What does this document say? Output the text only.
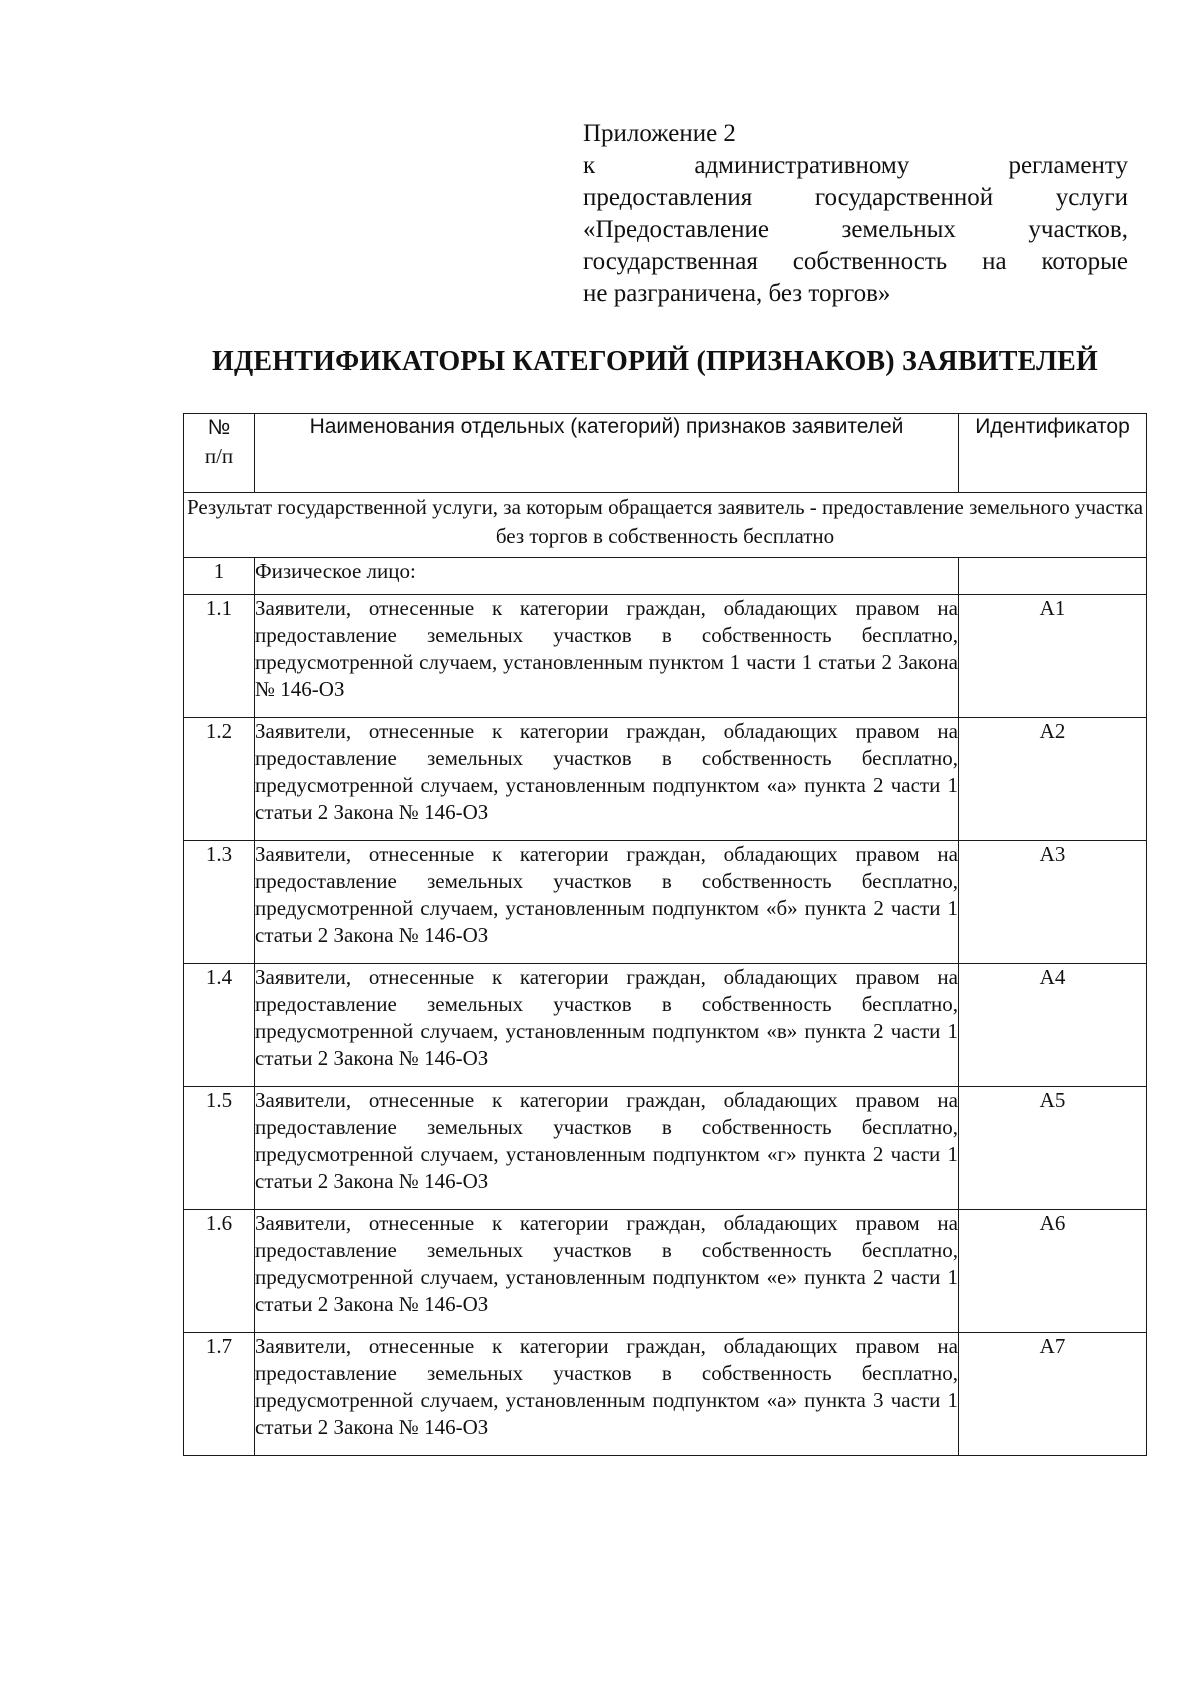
Приложение 2
к административному регламенту
предоставления государственной услуги
«Предоставление земельных участков,
государственная собственность на которые
не разграничена, без торгов»
ИДЕНТИФИКАТОРЫ КАТЕГОРИЙ (ПРИЗНАКОВ) ЗАЯВИТЕЛЕЙ
№
п/п	Наименования отдельных (категорий) признаков заявителей	Идентификатор
Результат государственной услуги, за которым обращается заявитель - предоставление земельного участка без торгов в собственность бесплатно		
1	Физическое лицо:	
1.1	Заявители, отнесенные к категории граждан, обладающих правом на предоставление земельных участков в собственность бесплатно, предусмотренной случаем, установленным пунктом 1 части 1 статьи 2 Закона № 146-ОЗ	А1
1.2	Заявители, отнесенные к категории граждан, обладающих правом на предоставление земельных участков в собственность бесплатно, предусмотренной случаем, установленным подпунктом «а» пункта 2 части 1 статьи 2 Закона № 146-ОЗ	А2
1.3	Заявители, отнесенные к категории граждан, обладающих правом на предоставление земельных участков в собственность бесплатно, предусмотренной случаем, установленным подпунктом «б» пункта 2 части 1 статьи 2 Закона № 146-ОЗ	А3
1.4	Заявители, отнесенные к категории граждан, обладающих правом на предоставление земельных участков в собственность бесплатно, предусмотренной случаем, установленным подпунктом «в» пункта 2 части 1 статьи 2 Закона № 146-ОЗ	А4
1.5	Заявители, отнесенные к категории граждан, обладающих правом на предоставление земельных участков в собственность бесплатно, предусмотренной случаем, установленным подпунктом «г» пункта 2 части 1 статьи 2 Закона № 146-ОЗ	А5
1.6	Заявители, отнесенные к категории граждан, обладающих правом на предоставление земельных участков в собственность бесплатно, предусмотренной случаем, установленным подпунктом «е» пункта 2 части 1 статьи 2 Закона № 146-ОЗ	А6
1.7	Заявители, отнесенные к категории граждан, обладающих правом на предоставление земельных участков в собственность бесплатно, предусмотренной случаем, установленным подпунктом «а» пункта 3 части 1 статьи 2 Закона № 146-ОЗ	А7
